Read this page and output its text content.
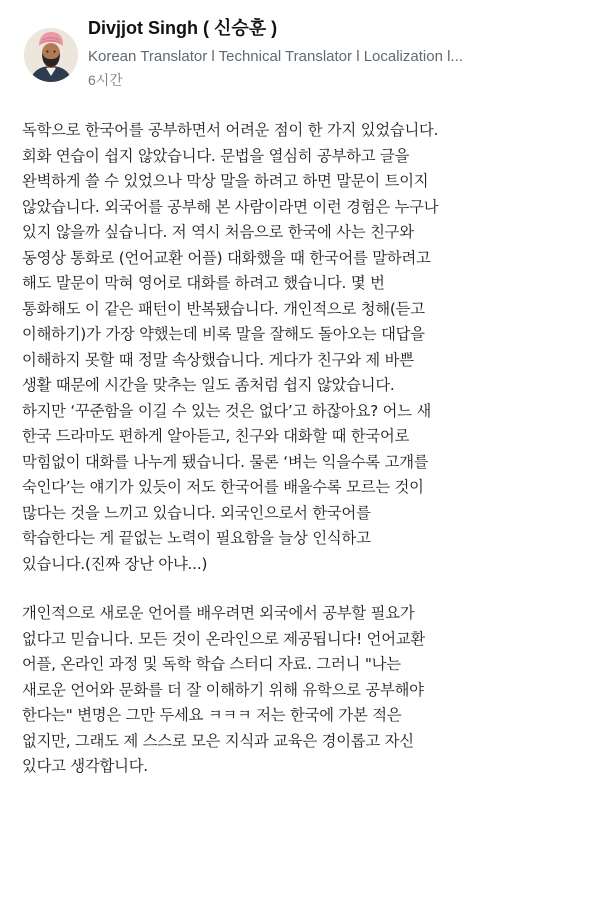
Divjjot Singh ( 신승훈 )
Korean Translator l Technical Translator l Localization l...
6시간
독학으로 한국어를 공부하면서 어려운 점이 한 가지 있었습니다.
회화 연습이 쉽지 않았습니다. 문법을 열심히 공부하고 글을
완벽하게 쓸 수 있었으나 막상 말을 하려고 하면 말문이 트이지
않았습니다. 외국어를 공부해 본 사람이라면 이런 경험은 누구나
있지 않을까 싶습니다. 저 역시 처음으로 한국에 사는 친구와
동영상 통화로 (언어교환 어플) 대화했을 때 한국어를 말하려고
해도 말문이 막혀 영어로 대화를 하려고 했습니다. 몇 번
통화해도 이 같은 패턴이 반복됐습니다. 개인적으로 청해(듣고
이해하기)가 가장 약했는데 비록 말을 잘해도 돌아오는 대답을
이해하지 못할 때 정말 속상했습니다. 게다가 친구와 제 바쁜
생활 때문에 시간을 맞추는 일도 좀처럼 쉽지 않았습니다.
하지만 ‘꾸준함을 이길 수 있는 것은 없다’고 하잖아요? 어느 새
한국 드라마도 편하게 알아듣고, 친구와 대화할 때 한국어로
막힘없이 대화를 나누게 됐습니다. 물론 ‘벼는 익을수록 고개를
숙인다’는 얘기가 있듯이 저도 한국어를 배울수록 모르는 것이
많다는 것을 느끼고 있습니다. 외국인으로서 한국어를
학습한다는 게 끝없는 노력이 필요함을 늘상 인식하고
있습니다.(진짜 장난 아냐...)
개인적으로 새로운 언어를 배우려면 외국에서 공부할 필요가
없다고 믿습니다. 모든 것이 온라인으로 제공됩니다! 언어교환
어플, 온라인 과정 및 독학 학습 스터디 자료. 그러니 "나는
새로운 언어와 문화를 더 잘 이해하기 위해 유학으로 공부해야
한다는" 변명은 그만 두세요 ㅋㅋㅋ 저는 한국에 가본 적은
없지만, 그래도 제 스스로 모은 지식과 교육은 경이롭고 자신
있다고 생각합니다.
